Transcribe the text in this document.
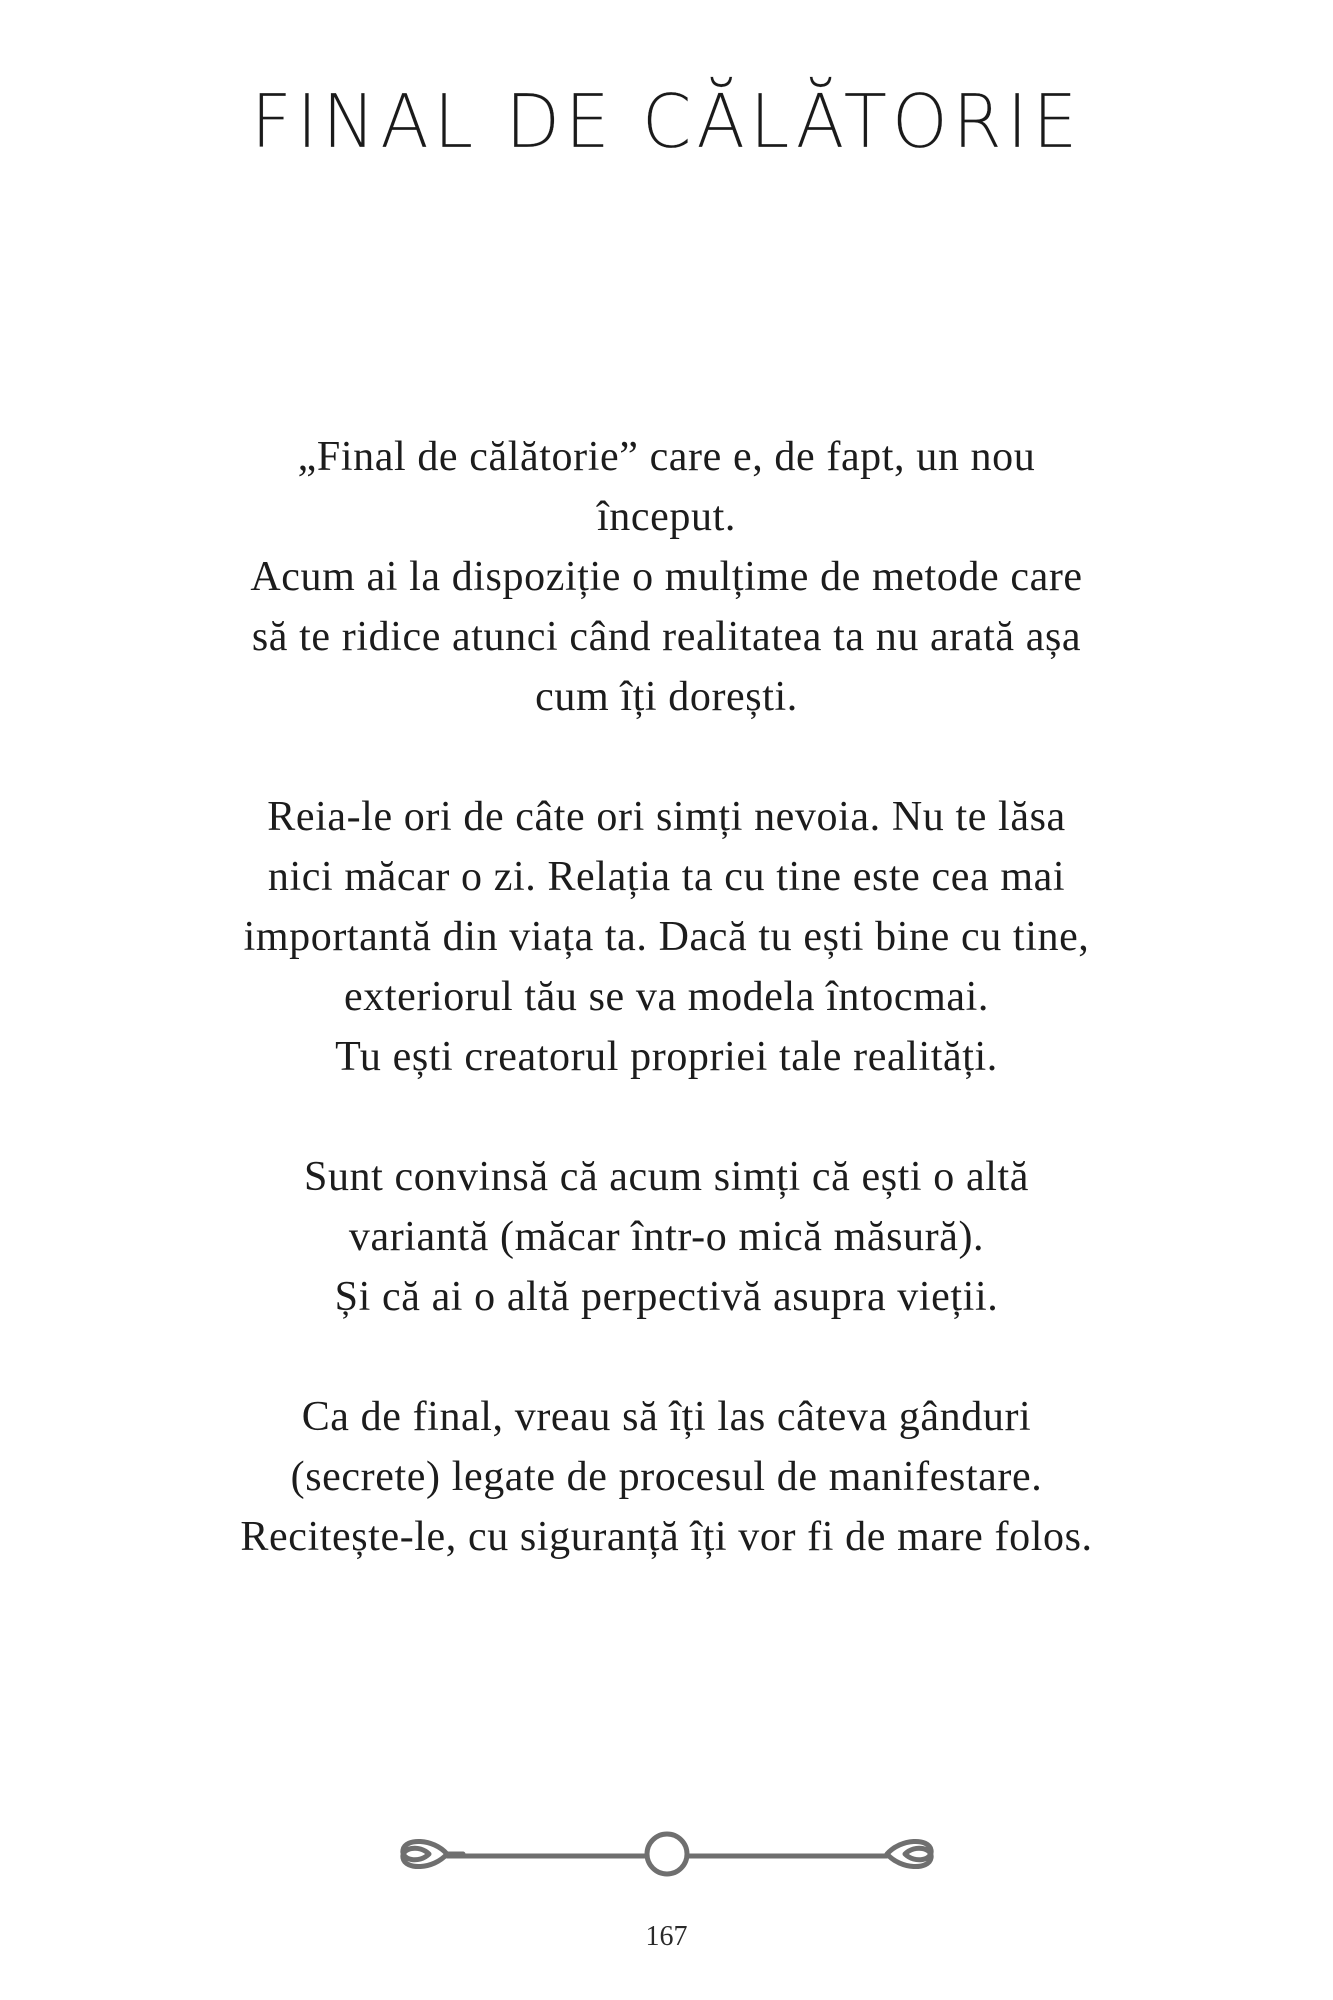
FINAL DE CĂLĂTORIE

„Final de călătorie” care e, de fapt, un nou
început.
Acum ai la dispoziție o mulțime de metode care
să te ridice atunci când realitatea ta nu arată așa
cum îți dorești.

Reia-le ori de câte ori simți nevoia. Nu te lăsa
nici măcar o zi. Relația ta cu tine este cea mai
importantă din viața ta. Dacă tu ești bine cu tine,
exteriorul tău se va modela întocmai.
Tu ești creatorul propriei tale realități.

Sunt convinsă că acum simți că ești o altă
variantă (măcar într-o mică măsură).
Și că ai o altă perpectivă asupra vieții.

Ca de final, vreau să îți las câteva gânduri
(secrete) legate de procesul de manifestare.
Recitește-le, cu siguranță îți vor fi de mare folos.

167
